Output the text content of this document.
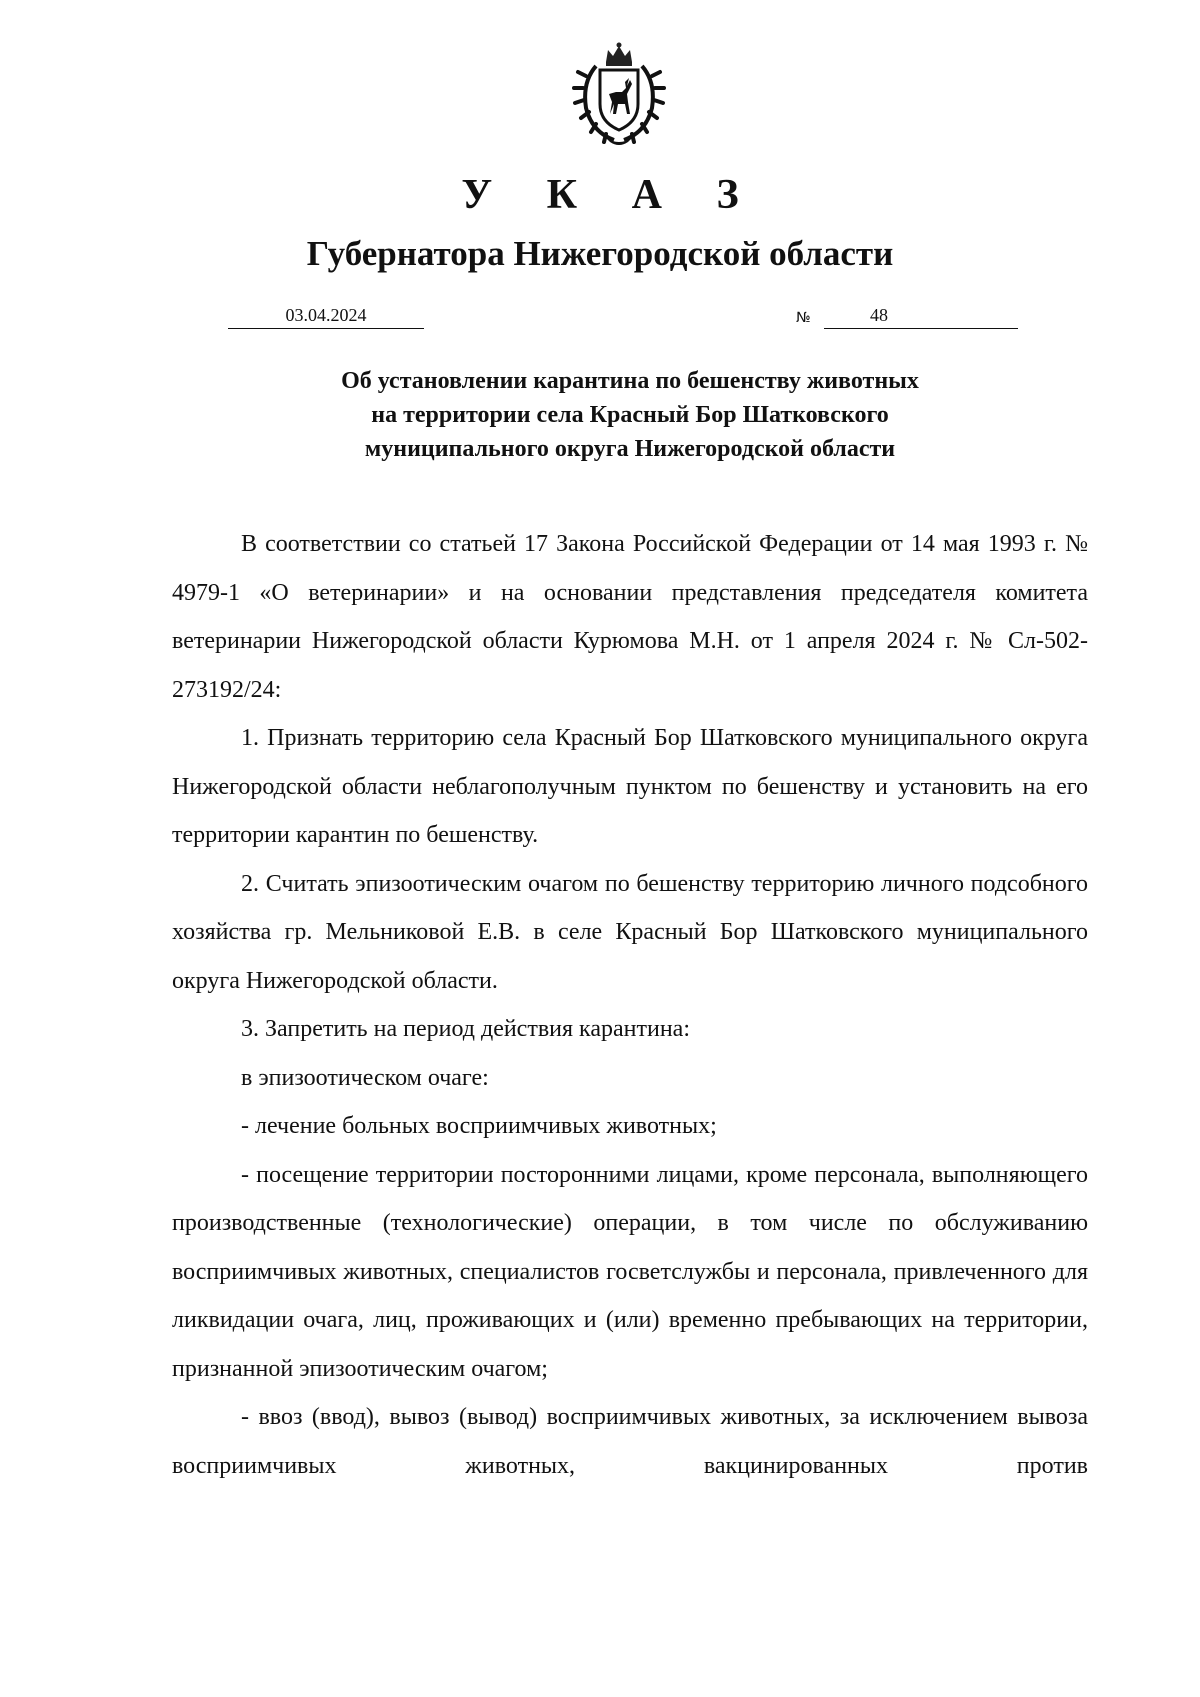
У К А З
Губернатора Нижегородской области
03.04.2024	№	48
Об установлении карантина по бешенству животных
на территории села Красный Бор Шатковского
муниципального округа Нижегородской области

В соответствии со статьей 17 Закона Российской Федерации от 14 мая 1993 г. № 4979-1 «О ветеринарии» и на основании представления председателя комитета ветеринарии Нижегородской области Курюмова М.Н. от 1 апреля 2024 г. № Сл-502-273192/24:

1. Признать территорию села Красный Бор Шатковского муниципального округа Нижегородской области неблагополучным пунктом по бешенству и установить на его территории карантин по бешенству.

2. Считать эпизоотическим очагом по бешенству территорию личного подсобного хозяйства гр. Мельниковой Е.В. в селе Красный Бор Шатковского муниципального округа Нижегородской области.

3. Запретить на период действия карантина:

в эпизоотическом очаге:

- лечение больных восприимчивых животных;

- посещение территории посторонними лицами, кроме персонала, выполняющего производственные (технологические) операции, в том числе по обслуживанию восприимчивых животных, специалистов госветслужбы и персонала, привлеченного для ликвидации очага, лиц, проживающих и (или) временно пребывающих на территории, признанной эпизоотическим очагом;

- ввоз (ввод), вывоз (вывод) восприимчивых животных, за исключением вывоза восприимчивых животных, вакцинированных против
